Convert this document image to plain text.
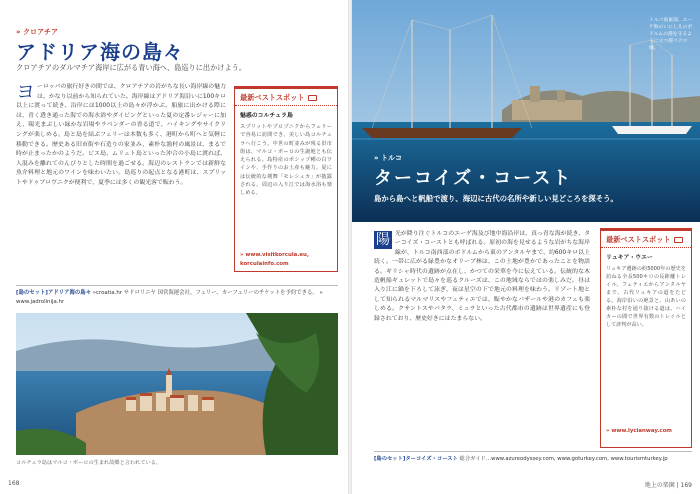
» クロアチア
アドリア海の島々
クロアチアのダルマチア海岸に広がる青い海へ、島巡りに出かけよう。
ヨ ーロッパの旅行好きの間では、クロアチアの岩がちな長い海岸線の魅力は、かなり以前から知られていた。海岸線はアドリア海沿いに100キロ以上に渡って続き、沿岸には1000以上の島々が浮かぶ。船旅に出かける際には、青く透き通った海での海水浴やダイビングといった夏の定番レジャーに加え、陽光まぶしい緑かな岩場やラベンダーの香る道で、ハイキングやサイクリングが楽しめる。島と島を結ぶフェリーは本数も多く、港町から町へと気軽に移動できる。歴史ある旧市街や石造りの家並み、素朴な漁村の風景は、まるで時が止まったかのようだ。ビス島、ムリェト島といった沖合の小島に渡れば、人混みを離れてのんびりとした時間を過ごせる。海辺のレストランでは新鮮な魚介料理と地元のワインを味わいたい。島巡りの起点となる港町は、スプリットやドゥブロヴニクが便利で、夏季には多くの観光客で賑わう。
最新ベストスポット
魅惑のコルチュラ島
スプリットやプロプニクからフェリーで容易に訪問でき、美しい島コルチュラへ行こう。中世の町並みが残る旧市街は、マルコ・ポーロの生誕地とも伝えられる。島特産のポシップ種の白ワインや、手作りのお土産も魅力。夏には伝統的な剣舞「モレシュカ」が披露される。周辺の入り江では海水浴も楽しめる。
» www.visitkorcula.eu,
korculainfo.com
[島のセット]アドリア海の島々 »croatia.hr サドロリニヤ 国営海運会社。フェリー、カーフェリーのチケットを予約できる。 » www.jadrolinija.hr
コルチュラ島はマルコ・ポーロの生まれ故郷と言われている。
168
トルコ南東部、エーゲ海のいにしえのボドルムの港を守るように立つ聖ペテロ城。
» トルコ
ターコイズ・コースト
島から島へと帆船で渡り、海辺に古代の名所や新しい見どころを探そう。
陽 光が降り注ぐトルコのエーゲ海及び地中海沿岸は、真っ青な海が続き、ターコイズ・コーストとも呼ばれる。原初の海を見せるような岩がちな海岸線が、トルコ南西部のボドルムから東のアンタルヤまで、約600キロ以上続く。一帯に広がる緑豊かなオリーブ林は、この土地が豊かであったことを物語る。ギリシャ時代の遺跡が点在し、かつての栄華を今に伝えている。伝統的な木造帆船ギュレットで島々を巡るクルーズは、この地域ならではの楽しみだ。昼は入り江に錨を下ろして泳ぎ、夜は星空の下で地元の料理を味わう。リゾート地として知られるマルマリスやフェティエでは、賑やかなバザールや港のカフェも楽しめる。クサントスやパタラ、ミュラといった古代都市の遺跡は世界遺産にも登録されており、歴史好きにはたまらない。
最新ベストスポット
リュキア・ウエー
リュキア遺跡の約5000年の歴史を訪ねる全長500キロの長距離トレイル。フェティエからアンタルヤまで、古代リュキアの道をたどる。海岸沿いの絶景と、山あいの素朴な村を通り抜ける道は、ハイカーの間で世界有数のトレイルとして評判が高い。
» www.lycianway.com
[島のセット]ターコイズ・コースト 総合ガイド…www.azureodyssey.com, www.goturkey.com, www.tourismturkey.jp
地上の楽園 | 169
